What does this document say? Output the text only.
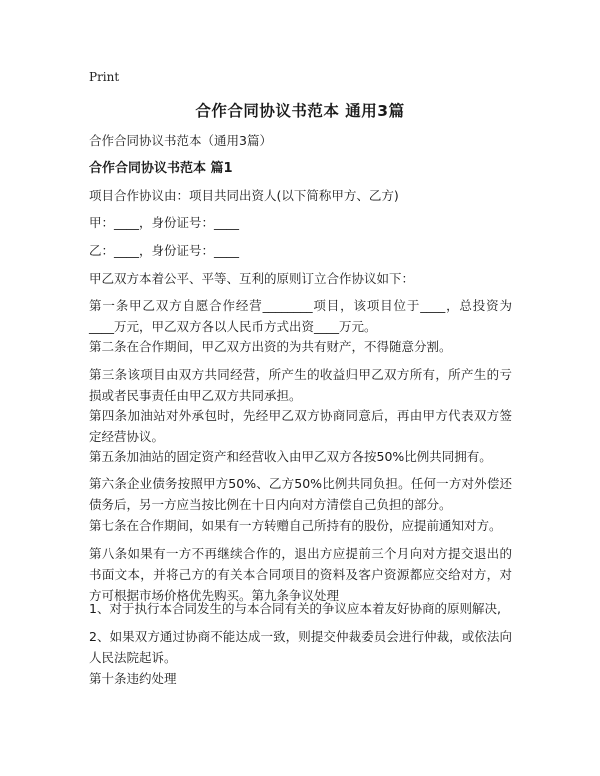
Print
合作合同协议书范本 通用3篇
合作合同协议书范本（通用3篇）
合作合同协议书范本 篇1
项目合作协议由：项目共同出资人(以下简称甲方、乙方)
甲：____，身份证号：____
乙：____，身份证号：____
甲乙双方本着公平、平等、互利的原则订立合作协议如下：
第一条甲乙双方自愿合作经营________项目，该项目位于____，总投资为____万元，甲乙双方各以人民币方式出资____万元。
第二条在合作期间，甲乙双方出资的为共有财产，不得随意分割。
第三条该项目由双方共同经营，所产生的收益归甲乙双方所有，所产生的亏损或者民事责任由甲乙双方共同承担。
第四条加油站对外承包时，先经甲乙双方协商同意后，再由甲方代表双方签定经营协议。
第五条加油站的固定资产和经营收入由甲乙双方各按50%比例共同拥有。
第六条企业债务按照甲方50%、乙方50%比例共同负担。任何一方对外偿还债务后，另一方应当按比例在十日内向对方清偿自己负担的部分。
第七条在合作期间，如果有一方转赠自己所持有的股份，应提前通知对方。
第八条如果有一方不再继续合作的，退出方应提前三个月向对方提交退出的书面文本，并将己方的有关本合同项目的资料及客户资源都应交给对方，对方可根据市场价格优先购买。第九条争议处理
1、对于执行本合同发生的与本合同有关的争议应本着友好协商的原则解决,
2、如果双方通过协商不能达成一致，则提交仲裁委员会进行仲裁，或依法向人民法院起诉。
第十条违约处理
